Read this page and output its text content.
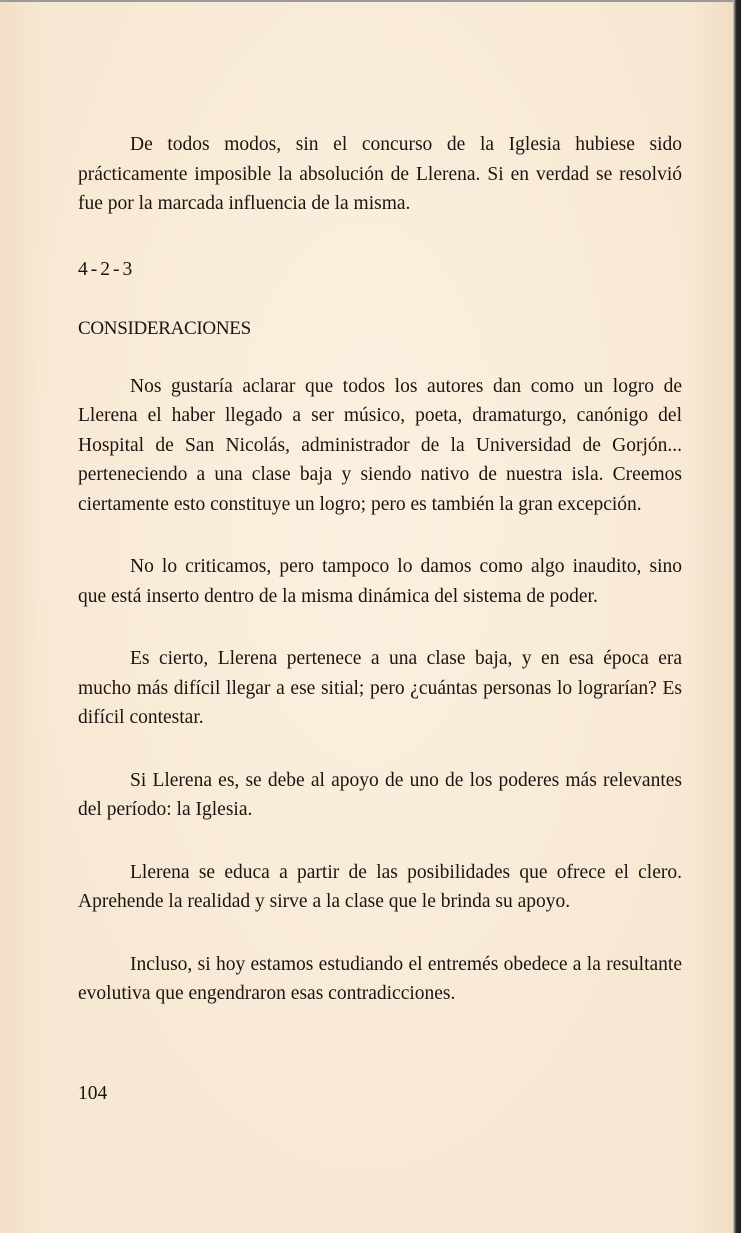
De todos modos, sin el concurso de la Iglesia hubiese sido prácticamente imposible la absolución de Llerena. Si en verdad se resolvió fue por la marcada influencia de la misma.

4-2-3

CONSIDERACIONES

Nos gustaría aclarar que todos los autores dan como un logro de Llerena el haber llegado a ser músico, poeta, dramaturgo, canónigo del Hospital de San Nicolás, administrador de la Universidad de Gorjón... perteneciendo a una clase baja y siendo nativo de nuestra isla. Creemos ciertamente esto constituye un logro; pero es también la gran excepción.

No lo criticamos, pero tampoco lo damos como algo inaudito, sino que está inserto dentro de la misma dinámica del sistema de poder.

Es cierto, Llerena pertenece a una clase baja, y en esa época era mucho más difícil llegar a ese sitial; pero ¿cuántas personas lo lograrían? Es difícil contestar.

Si Llerena es, se debe al apoyo de uno de los poderes más relevantes del período: la Iglesia.

Llerena se educa a partir de las posibilidades que ofrece el clero. Aprehende la realidad y sirve a la clase que le brinda su apoyo.

Incluso, si hoy estamos estudiando el entremés obedece a la resultante evolutiva que engendraron esas contradicciones.

104
